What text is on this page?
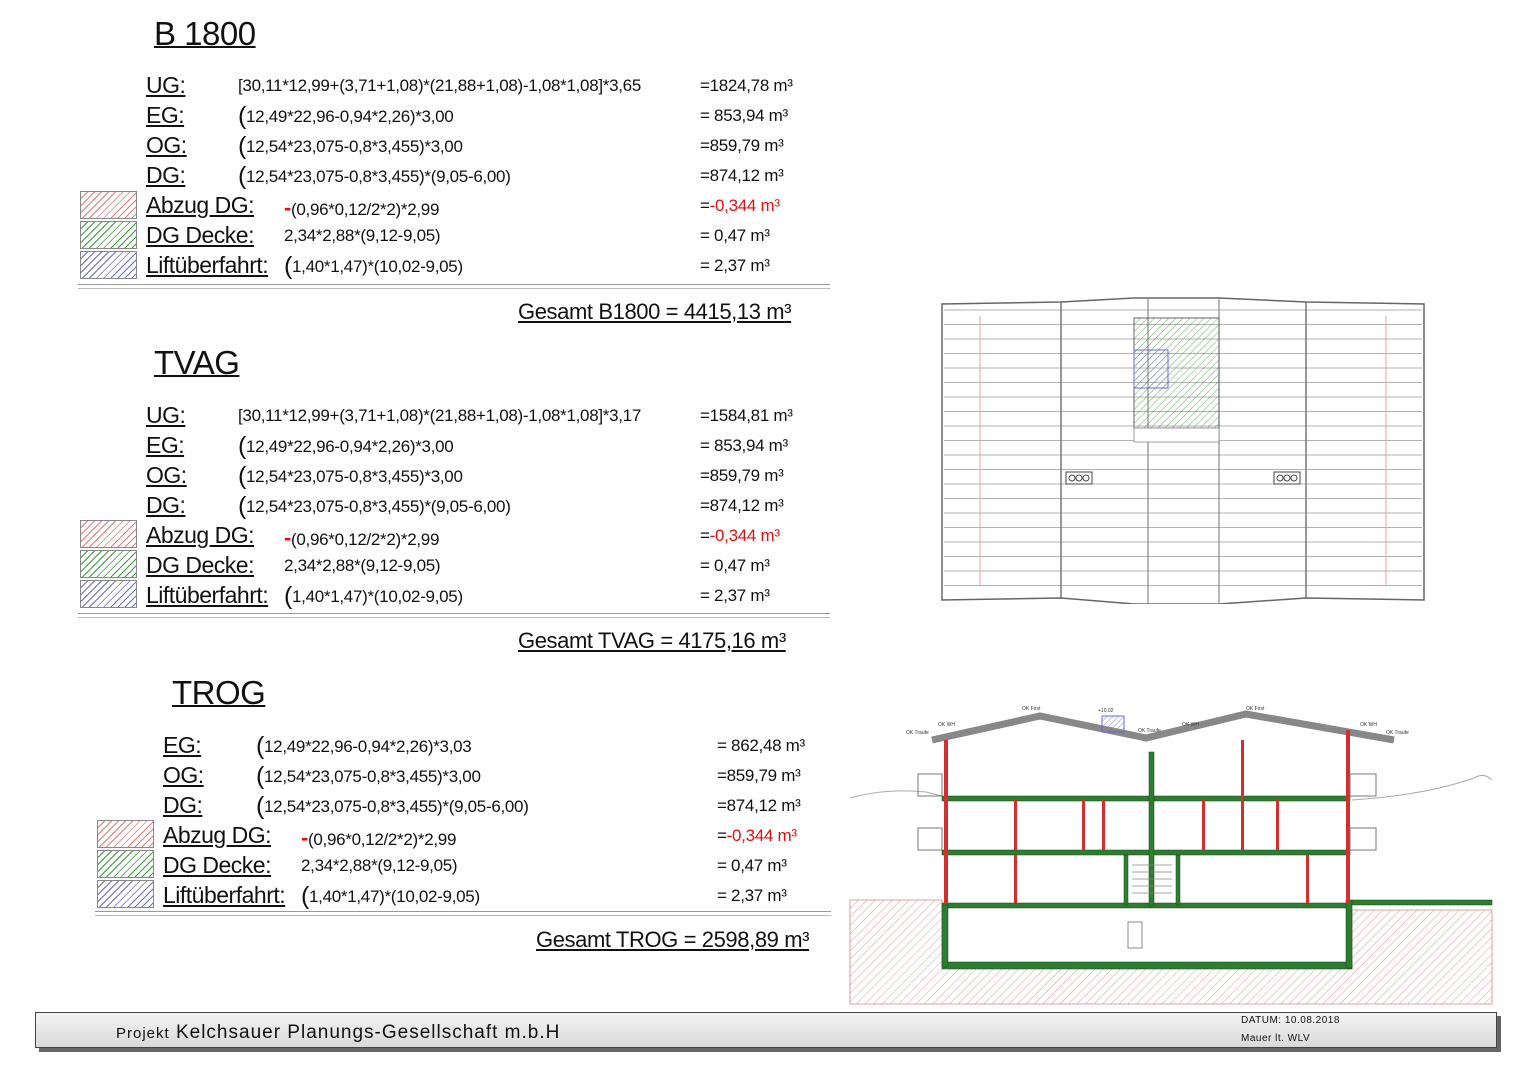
B 1800
UG:	[30,11*12,99+(3,71+1,08)*(21,88+1,08)-1,08*1,08]*3,65	=1824,78 m³
EG: (12,49*22,96-0,94*2,26)*3,00	= 853,94 m³
OG: (12,54*23,075-0,8*3,455)*3,00	=859,79 m³
DG: (12,54*23,075-0,8*3,455)*(9,05-6,00)	=874,12 m³
Abzug DG: -(0,96*0,12/2*2)*2,99	=-0,344 m³
DG Decke: 2,34*2,88*(9,12-9,05)	= 0,47 m³
Liftüberfahrt: (1,40*1,47)*(10,02-9,05)	= 2,37 m³
Gesamt B1800 = 4415,13 m³
TVAG
UG:	[30,11*12,99+(3,71+1,08)*(21,88+1,08)-1,08*1,08]*3,17	=1584,81 m³
EG: (12,49*22,96-0,94*2,26)*3,00	= 853,94 m³
OG: (12,54*23,075-0,8*3,455)*3,00	=859,79 m³
DG: (12,54*23,075-0,8*3,455)*(9,05-6,00)	=874,12 m³
Abzug DG: -(0,96*0,12/2*2)*2,99	=-0,344 m³
DG Decke: 2,34*2,88*(9,12-9,05)	= 0,47 m³
Liftüberfahrt: (1,40*1,47)*(10,02-9,05)	= 2,37 m³
Gesamt TVAG = 4175,16 m³
TROG
EG: (12,49*22,96-0,94*2,26)*3,03	= 862,48 m³
OG: (12,54*23,075-0,8*3,455)*3,00	=859,79 m³
DG: (12,54*23,075-0,8*3,455)*(9,05-6,00)	=874,12 m³
Abzug DG: -(0,96*0,12/2*2)*2,99	=-0,344 m³
DG Decke: 2,34*2,88*(9,12-9,05)	= 0,47 m³
Liftüberfahrt: (1,40*1,47)*(10,02-9,05)	= 2,37 m³
Gesamt TROG = 2598,89 m³
OK Traufe
OK WH
OK First	+10.02
OK Traufe
OK WH
OK First
OK WH
OK Traufe
Projekt Kelchsauer Planungs-Gesellschaft m.b.H
DATUM: 10.08.2018
Mauer lt. WLV
